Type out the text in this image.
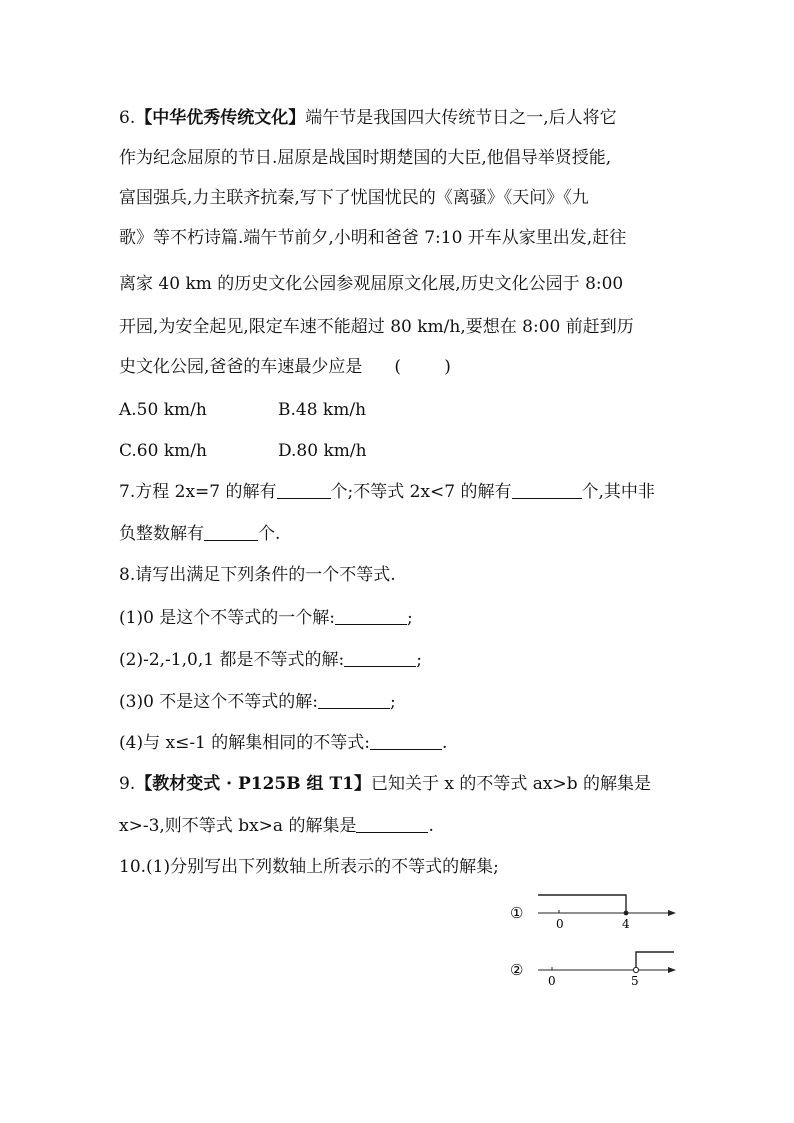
6.【中华优秀传统文化】端午节是我国四大传统节日之一,后人将它
作为纪念屈原的节日.屈原是战国时期楚国的大臣,他倡导举贤授能,
富国强兵,力主联齐抗秦,写下了忧国忧民的《离骚》《天问》《九
歌》等不朽诗篇.端午节前夕,小明和爸爸 7:10 开车从家里出发,赶往
离家 40 km 的历史文化公园参观屈原文化展,历史文化公园于 8:00
开园,为安全起见,限定车速不能超过 80 km/h,要想在 8:00 前赶到历
史文化公园,爸爸的车速最少应是 (        )
A.50 km/h	B.48 km/h
C.60 km/h	D.80 km/h
7.方程 2x=7 的解有	个;不等式 2x<7 的解有	个,其中非
负整数解有	个.
8.请写出满足下列条件的一个不等式.
(1)0 是这个不等式的一个解:	;
(2)-2,-1,0,1 都是不等式的解:	;
(3)0 不是这个不等式的解:	;
(4)与 x≤-1 的解集相同的不等式:	.
9.【教材变式 · P125B 组 T1】已知关于 x 的不等式 ax>b 的解集是
x>-3,则不等式 bx>a 的解集是	.
10.(1)分别写出下列数轴上所表示的不等式的解集;
①
0	4
②
0	5
